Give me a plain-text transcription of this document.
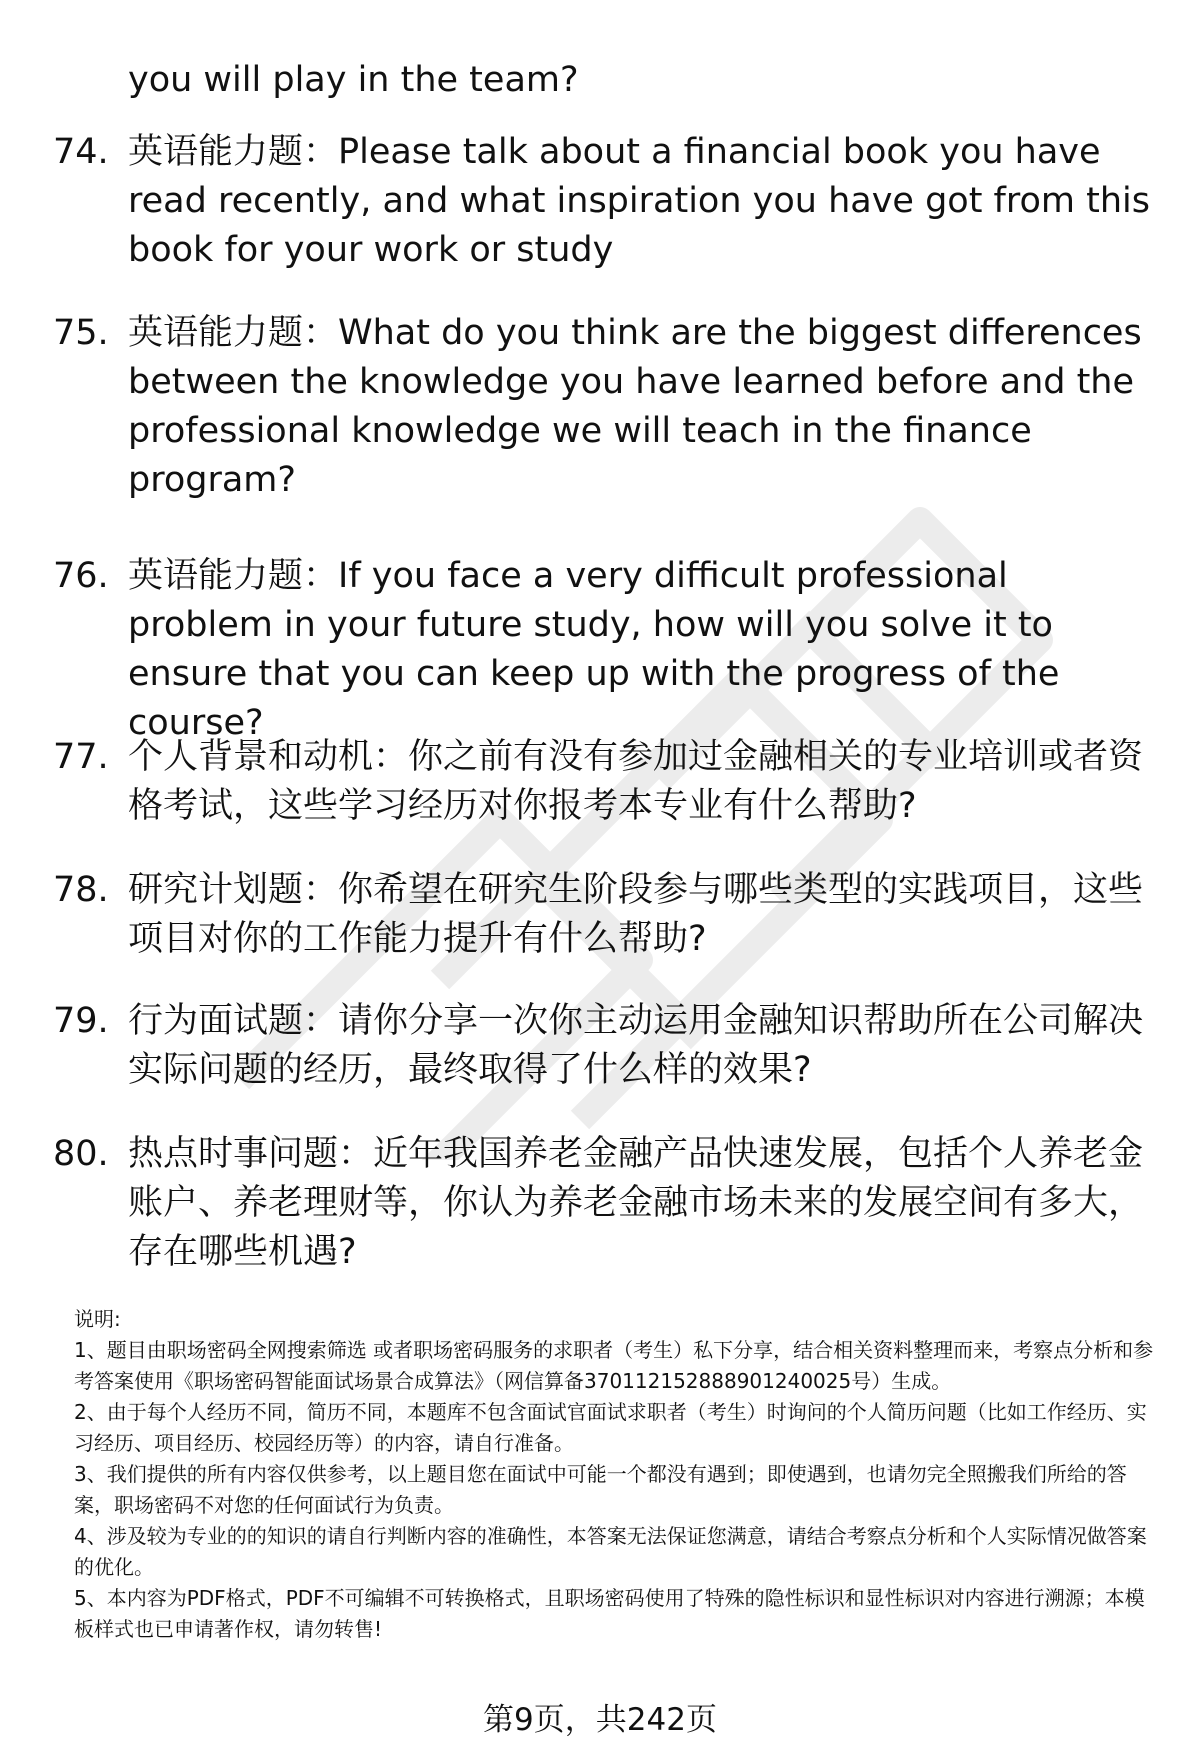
you will play in the team?
74. 英语能力题：Please talk about a financial book you have read recently, and what inspiration you have got from this book for your work or study
75. 英语能力题：What do you think are the biggest differences between the knowledge you have learned before and the professional knowledge we will teach in the finance program?
76. 英语能力题：If you face a very difficult professional problem in your future study, how will you solve it to ensure that you can keep up with the progress of the course?
77. 个人背景和动机：你之前有没有参加过金融相关的专业培训或者资格考试，这些学习经历对你报考本专业有什么帮助?
78. 研究计划题：你希望在研究生阶段参与哪些类型的实践项目，这些项目对你的工作能力提升有什么帮助?
79. 行为面试题：请你分享一次你主动运用金融知识帮助所在公司解决实际问题的经历，最终取得了什么样的效果?
80. 热点时事问题：近年我国养老金融产品快速发展，包括个人养老金账户、养老理财等，你认为养老金融市场未来的发展空间有多大，存在哪些机遇?

说明:

1、题目由职场密码全网搜索筛选 或者职场密码服务的求职者（考生）私下分享，结合相关资料整理而来，考察点分析和参考答案使用《职场密码智能面试场景合成算法》（网信算备370112152888901240025号）生成。

2、由于每个人经历不同，简历不同，本题库不包含面试官面试求职者（考生）时询问的个人简历问题（比如工作经历、实习经历、项目经历、校园经历等）的内容，请自行准备。

3、我们提供的所有内容仅供参考，以上题目您在面试中可能一个都没有遇到；即使遇到，也请勿完全照搬我们所给的答案，职场密码不对您的任何面试行为负责。

4、涉及较为专业的的知识的请自行判断内容的准确性，本答案无法保证您满意，请结合考察点分析和个人实际情况做答案的优化。

5、本内容为PDF格式，PDF不可编辑不可转换格式，且职场密码使用了特殊的隐性标识和显性标识对内容进行溯源；本模板样式也已申请著作权，请勿转售!

第9页，共242页
